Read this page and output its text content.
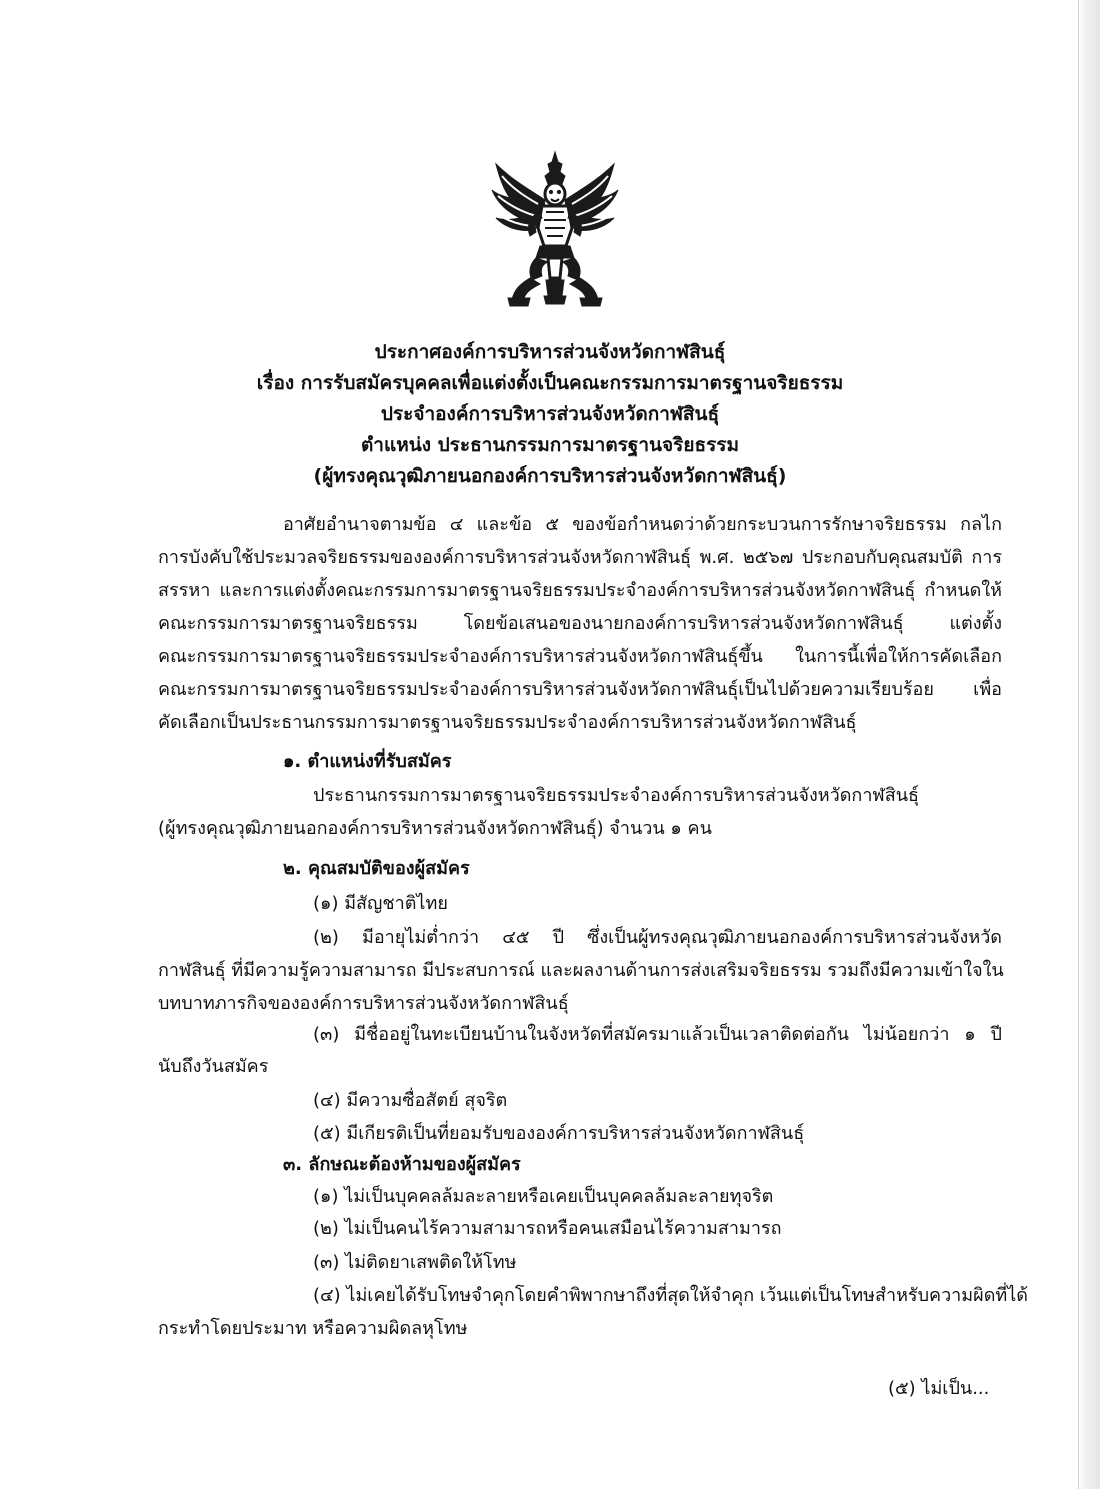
ประกาศองค์การบริหารส่วนจังหวัดกาฬสินธุ์
เรื่อง การรับสมัครบุคคลเพื่อแต่งตั้งเป็นคณะกรรมการมาตรฐานจริยธรรม
ประจำองค์การบริหารส่วนจังหวัดกาฬสินธุ์
ตำแหน่ง ประธานกรรมการมาตรฐานจริยธรรม
(ผู้ทรงคุณวุฒิภายนอกองค์การบริหารส่วนจังหวัดกาฬสินธุ์)
อาศัยอำนาจตามข้อ ๔ และข้อ ๕ ของข้อกำหนดว่าด้วยกระบวนการรักษาจริยธรรม กลไก
การบังคับใช้ประมวลจริยธรรมขององค์การบริหารส่วนจังหวัดกาฬสินธุ์ พ.ศ. ๒๕๖๗ ประกอบกับคุณสมบัติ การ
สรรหา และการแต่งตั้งคณะกรรมการมาตรฐานจริยธรรมประจำองค์การบริหารส่วนจังหวัดกาฬสินธุ์ กำหนดให้
คณะกรรมการมาตรฐานจริยธรรม โดยข้อเสนอของนายกองค์การบริหารส่วนจังหวัดกาฬสินธุ์ แต่งตั้ง
คณะกรรมการมาตรฐานจริยธรรมประจำองค์การบริหารส่วนจังหวัดกาฬสินธุ์ขึ้น ในการนี้เพื่อให้การคัดเลือก
คณะกรรมการมาตรฐานจริยธรรมประจำองค์การบริหารส่วนจังหวัดกาฬสินธุ์เป็นไปด้วยความเรียบร้อย เพื่อ
คัดเลือกเป็นประธานกรรมการมาตรฐานจริยธรรมประจำองค์การบริหารส่วนจังหวัดกาฬสินธุ์
๑. ตำแหน่งที่รับสมัคร
ประธานกรรมการมาตรฐานจริยธรรมประจำองค์การบริหารส่วนจังหวัดกาฬสินธุ์
(ผู้ทรงคุณวุฒิภายนอกองค์การบริหารส่วนจังหวัดกาฬสินธุ์) จำนวน ๑ คน
๒. คุณสมบัติของผู้สมัคร
(๑) มีสัญชาติไทย
(๒) มีอายุไม่ต่ำกว่า ๔๕ ปี ซึ่งเป็นผู้ทรงคุณวุฒิภายนอกองค์การบริหารส่วนจังหวัด
กาฬสินธุ์ ที่มีความรู้ความสามารถ มีประสบการณ์ และผลงานด้านการส่งเสริมจริยธรรม รวมถึงมีความเข้าใจใน
บทบาทภารกิจขององค์การบริหารส่วนจังหวัดกาฬสินธุ์
(๓) มีชื่ออยู่ในทะเบียนบ้านในจังหวัดที่สมัครมาแล้วเป็นเวลาติดต่อกัน ไม่น้อยกว่า ๑ ปี
นับถึงวันสมัคร
(๔) มีความซื่อสัตย์ สุจริต
(๕) มีเกียรติเป็นที่ยอมรับขององค์การบริหารส่วนจังหวัดกาฬสินธุ์
๓. ลักษณะต้องห้ามของผู้สมัคร
(๑) ไม่เป็นบุคคลล้มละลายหรือเคยเป็นบุคคลล้มละลายทุจริต
(๒) ไม่เป็นคนไร้ความสามารถหรือคนเสมือนไร้ความสามารถ
(๓) ไม่ติดยาเสพติดให้โทษ
(๔) ไม่เคยได้รับโทษจำคุกโดยคำพิพากษาถึงที่สุดให้จำคุก เว้นแต่เป็นโทษสำหรับความผิดที่ได้
กระทำโดยประมาท หรือความผิดลหุโทษ
(๕) ไม่เป็น...
